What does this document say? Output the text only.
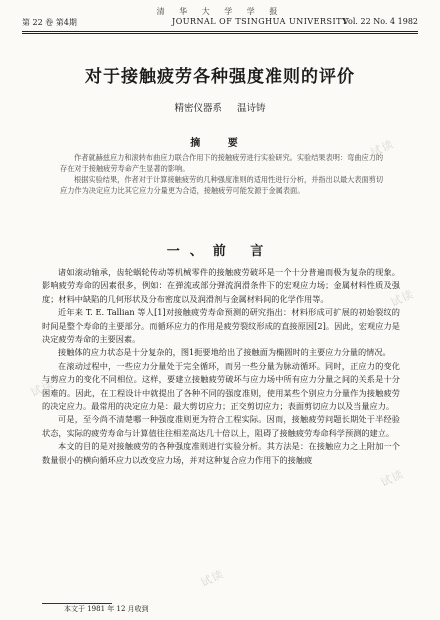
试读
试读
试读
试读
试读
清 华 大 学 学 报
第 22 卷 第4期	JOURNAL OF TSINGHUA UNIVERSITY
Vol. 22 No. 4 1982
对于接触疲劳各种强度准则的评价
精密仪器系 温诗铸
摘 要

作者就赫兹应力和滚转布曲应力联合作用下的接触疲劳进行实验研究。实验结果表明：弯曲应力的存在对于接触疲劳寿命产生显著的影响。

根据实验结果，作者对于计算接触疲劳的几种强度准则的适用性进行分析，并指出以最大表面剪切应力作为决定应力比其它应力分量更为合适，接触疲劳可能发源于金属表面。

一、前 言

诸如滚动轴承，齿轮蜗轮传动等机械零件的接触疲劳破坏是一个十分普遍而极为复杂的现象。影响疲劳寿命的因素很多，例如：在弹流或部分弹流润滑条件下的宏观应力场；金属材料性质及强度；材料中缺陷的几何形状及分布密度以及润滑剂与金属材料间的化学作用等。

近年来 T. E. Tallian 等人[1]对接触疲劳寿命预测的研究指出：材料形成可扩展的初始裂纹的时间是整个寿命的主要部分。而循环应力的作用是疲劳裂纹形成的直接原因[2]。因此，宏观应力是决定疲劳寿命的主要因素。

接触体的应力状态是十分复杂的，图1扼要地给出了接触面为椭圆时的主要应力分量的情况。

在滚动过程中，一些应力分量处于完全循环，而另一些分量为脉动循环。同时，正应力的变化与剪应力的变化不同相位。这样，要建立接触疲劳破坏与应力场中所有应力分量之间的关系是十分困难的。因此，在工程设计中就提出了各种不同的强度准则，使用某些个别应力分量作为接触疲劳的决定应力。最常用的决定应力是：最大剪切应力；正交剪切应力；表面剪切应力以及当量应力。

可是，至今尚不清楚哪一种强度准则更为符合工程实际。因而，接触疲劳问题长期处于半经验状态，实际的疲劳寿命与计算值往往相差高达几十倍以上，阻碍了接触疲劳寿命科学预测的建立。

本文的目的是对接触疲劳的各种强度准则进行实验分析。其方法是：在接触应力之上附加一个数量很小的横向循环应力以改变应力场，并对这种复合应力作用下的接触疲

本文于 1981 年 12 月收到
